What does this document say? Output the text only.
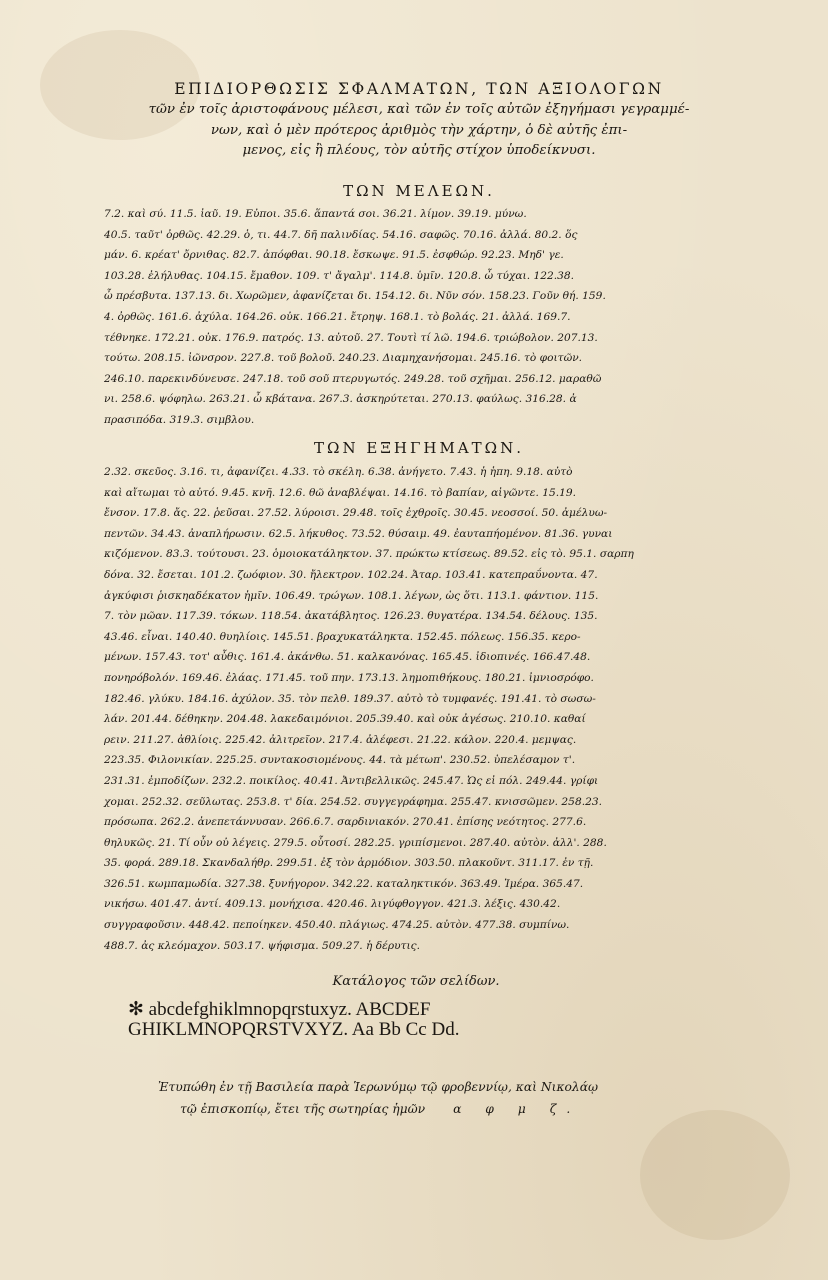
ΕΠΙΔΙΟΡΘΩΣΙΣ ΣΦΑΛΜΑΤΩΝ, ΤΩΝ ΑΞΙΟΛΟΓΩΝ
τῶν ἐν τοῖς ἀριστοφάνους μέλεσι, καὶ τῶν ἐν τοῖς αὐτῶν ἐξηγήμασι γεγραμμέ-
νων, καὶ ὁ μὲν πρότερος ἀριθμὸς τὴν χάρτην, ὁ δὲ αὐτῆς ἐπι-
μενος, εἰς ἢ πλέους, τὸν αὐτῆς στίχον ὑποδείκνυσι.
ΤΩΝ ΜΕΛΕΩΝ.

7.2. καὶ σύ. 11.5. ἰαῦ. 19. Εὐποι. 35.6. ἅπαντά σοι. 36.21. λίμον. 39.19. μύνω.

40.5. ταῦτ' ὀρθῶς. 42.29. ὁ, τι. 44.7. δῆ παλινδίας. 54.16. σαφῶς. 70.16. ἀλλά. 80.2. ὅς

μάν. 6. κρέατ' ὄρνιθας. 82.7. ἀπόφθαι. 90.18. ἔσκωψε. 91.5. ἐσφθώρ. 92.23. Μηδ' γε.

103.28. ἐλήλυθας. 104.15. ἔμαθον. 109. τ' ἄγαλμ'. 114.8. ὑμῖν. 120.8. ὦ τύχαι. 122.38.

ὦ πρέσβυτα. 137.13. δι. Χωρῶμεν, ἀφανίζεται δι. 154.12. δι. Νῦν σόν. 158.23. Γοῦν θή. 159.

4. ὀρθῶς. 161.6. ἀχύλα. 164.26. οὐκ. 166.21. ἔτρηψ. 168.1. τὸ βολάς. 21. ἀλλά. 169.7.

τέθνηκε. 172.21. οὐκ. 176.9. πατρός. 13. αὐτοῦ. 27. Τουτὶ τί λῶ. 194.6. τριώβολον. 207.13.

τούτω. 208.15. ἰῶνσρον. 227.8. τοῦ βολοῦ. 240.23. Διαμηχανήσομαι. 245.16. τὸ φοιτῶν.

246.10. παρεκινδύνευσε. 247.18. τοῦ σοῦ πτερυγωτός. 249.28. τοῦ σχῆμαι. 256.12. μαραθῶ

νι. 258.6. ψόφηλω. 263.21. ὦ κβάτανα. 267.3. ἀσκηρύτεται. 270.13. φαύλως. 316.28. ἀ

πρασιπόδα. 319.3. σιμβλου.

ΤΩΝ ΕΞΗΓΗΜΑΤΩΝ.

2.32. σκεῦος. 3.16. τι, ἀφανίζει. 4.33. τὸ σκέλη. 6.38. ἀνήγετο. 7.43. ἡ ἡπη. 9.18. αὐτὸ

καὶ αἴτωμαι τὸ αὐτό. 9.45. κνῆ. 12.6. θῶ ἀναβλέψαι. 14.16. τὸ βαπίαν, αἰγῶντε. 15.19.

ἔνσον. 17.8. ἄς. 22. ῥεῦσαι. 27.52. λύροισι. 29.48. τοῖς ἐχθροῖς. 30.45. νεοσσοί. 50. ἀμέλυω-

πεντῶν. 34.43. ἀναπλήρωσιν. 62.5. λήκυθος. 73.52. θύσαιμ. 49. ἐαυταπήομένον. 81.36. γυναι

κιζόμενον. 83.3. τούτουσι. 23. ὁμοιοκατάληκτον. 37. πρώκτω κτίσεως. 89.52. εἰς τὸ. 95.1. σαρπη

δόνα. 32. ἔσεται. 101.2. ζωόφιον. 30. ἤλεκτρον. 102.24. Ἀταρ. 103.41. κατεπραΰνοντα. 47.

ἀγκύφισι ῥισκηαδέκατον ἡμῖν. 106.49. τρώγων. 108.1. λέγων, ὡς ὅτι. 113.1. φάντιον. 115.

7. τὸν μῶαν. 117.39. τόκων. 118.54. ἀκατάβλητος. 126.23. θυγατέρα. 134.54. δέλους. 135.

43.46. εἶναι. 140.40. θυηλίοις. 145.51. βραχυκατάληκτα. 152.45. πόλεως. 156.35. κερο-

μένων. 157.43. τοτ' αὖθις. 161.4. ἀκάνθω. 51. καλκανόνας. 165.45. ἰδιοπινές. 166.47.48.

πονηρόβολόν. 169.46. ἐλάας. 171.45. τοῦ πην. 173.13. λημοπιθήκους. 180.21. ἰμνιοσρόφο.

182.46. γλύκυ. 184.16. ἀχύλον. 35. τὸν πελθ. 189.37. αὐτὸ τὸ τυμφανές. 191.41. τὸ σωσω-

λάν. 201.44. δέθηκην. 204.48. λακεδαιμόνιοι. 205.39.40. καὶ οὐκ ἀγέσως. 210.10. καθαί

ρειν. 211.27. ἀθλίοις. 225.42. ἀλιτρεῖον. 217.4. ἀλέφεσι. 21.22. κάλον. 220.4. μεμψας.

223.35. Φιλονικίαν. 225.25. συντακοσιομένους. 44. τὰ μέτωπ'. 230.52. ὑπελέσαμον τ'.

231.31. ἐμποδίζων. 232.2. ποικίλος. 40.41. Ἀντιβελλικῶς. 245.47. Ὡς εἰ πόλ. 249.44. γρίφι

χομαι. 252.32. σεῦλωτας. 253.8. τ' δία. 254.52. συγγεγράφημα. 255.47. κνισσῶμεν. 258.23.

πρόσωπα. 262.2. ἀνεπετάννυσαν. 266.6.7. σαρδινιακόν. 270.41. ἐπίσης νεότητος. 277.6.

θηλυκῶς. 21. Τί οὖν οὐ λέγεις. 279.5. οὗτοσί. 282.25. γριπίσμενοι. 287.40. αὐτὸν. ἀλλ'. 288.

35. φορά. 289.18. Σκανδαλήθρ. 299.51. ἐξ τὸν ἁρμόδιον. 303.50. πλακοῦντ. 311.17. ἐν τῇ.

326.51. κωμπαμωδία. 327.38. ξυνήγορον. 342.22. καταληκτικόν. 363.49. Ἱμέρα. 365.47.

νικήσω. 401.47. ἀντί. 409.13. μονήχισα. 420.46. λιγύφθογγον. 421.3. λέξις. 430.42.

συγγραφοῦσιν. 448.42. πεποίηκεν. 450.40. πλάγιως. 474.25. αὐτὸν. 477.38. συμπίνω.

488.7. ἀς κλεόμαχον. 503.17. ψήφισμα. 509.27. ἡ δέρυτις.

Κατάλογος τῶν σελίδων.
✻ abcdefghiklmnopqrstuxyz. ABCDEF
GHIKLMNOPQRSTVXYZ. Aa Bb Cc Dd.
Ἐτυπώθη ἐν τῇ Βασιλεία παρὰ Ἱερωνύμῳ τῷ φροβεννίῳ, καὶ Νικολάῳ
τῷ ἐπισκοπίῳ, ἔτει τῆς σωτηρίας ἡμῶν α φ μ ζ.
